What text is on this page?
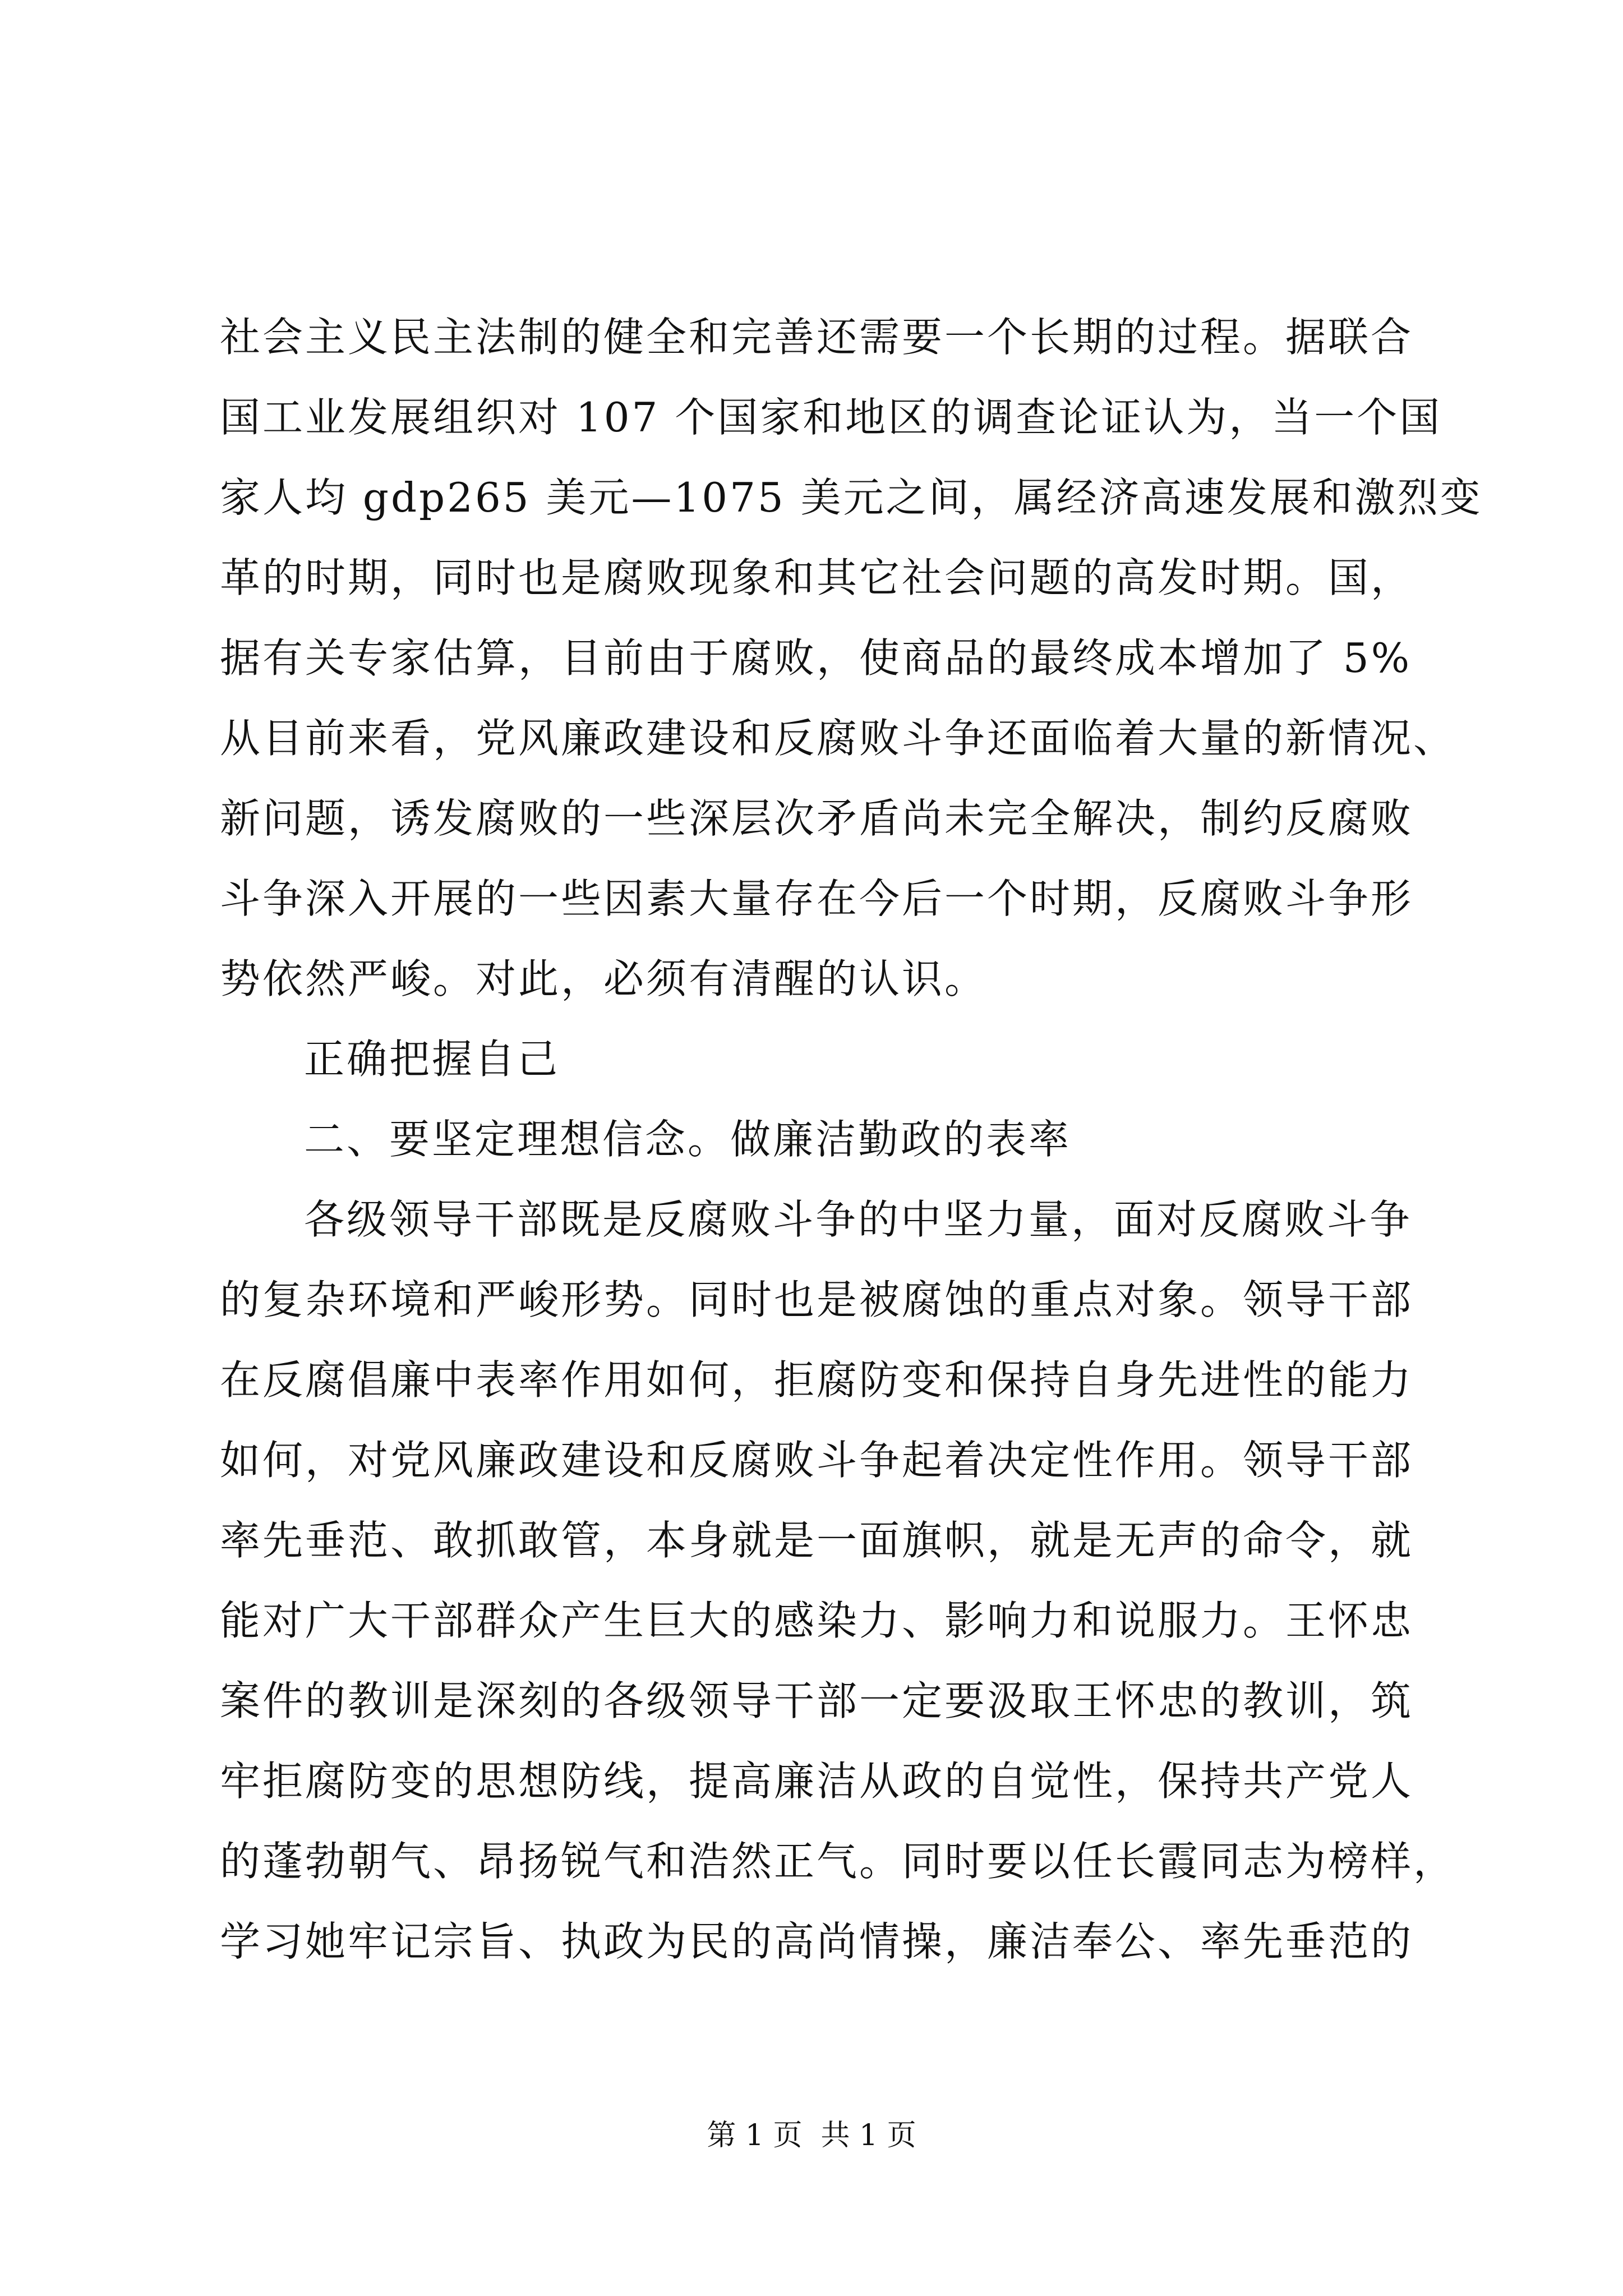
社会主义民主法制的健全和完善还需要一个长期的过程。据联合
国工业发展组织对 107 个国家和地区的调查论证认为，当一个国
家人均 gdp265 美元—1075 美元之间，属经济高速发展和激烈变
革的时期，同时也是腐败现象和其它社会问题的高发时期。国，
据有关专家估算，目前由于腐败，使商品的最终成本增加了 5%
从目前来看，党风廉政建设和反腐败斗争还面临着大量的新情况、
新问题，诱发腐败的一些深层次矛盾尚未完全解决，制约反腐败
斗争深入开展的一些因素大量存在今后一个时期，反腐败斗争形
势依然严峻。对此，必须有清醒的认识。
正确把握自己
二、要坚定理想信念。做廉洁勤政的表率
各级领导干部既是反腐败斗争的中坚力量，面对反腐败斗争
的复杂环境和严峻形势。同时也是被腐蚀的重点对象。领导干部
在反腐倡廉中表率作用如何，拒腐防变和保持自身先进性的能力
如何，对党风廉政建设和反腐败斗争起着决定性作用。领导干部
率先垂范、敢抓敢管，本身就是一面旗帜，就是无声的命令，就
能对广大干部群众产生巨大的感染力、影响力和说服力。王怀忠
案件的教训是深刻的各级领导干部一定要汲取王怀忠的教训，筑
牢拒腐防变的思想防线，提高廉洁从政的自觉性，保持共产党人
的蓬勃朝气、昂扬锐气和浩然正气。同时要以任长霞同志为榜样，
学习她牢记宗旨、执政为民的高尚情操，廉洁奉公、率先垂范的
第 1 页  共 1 页
